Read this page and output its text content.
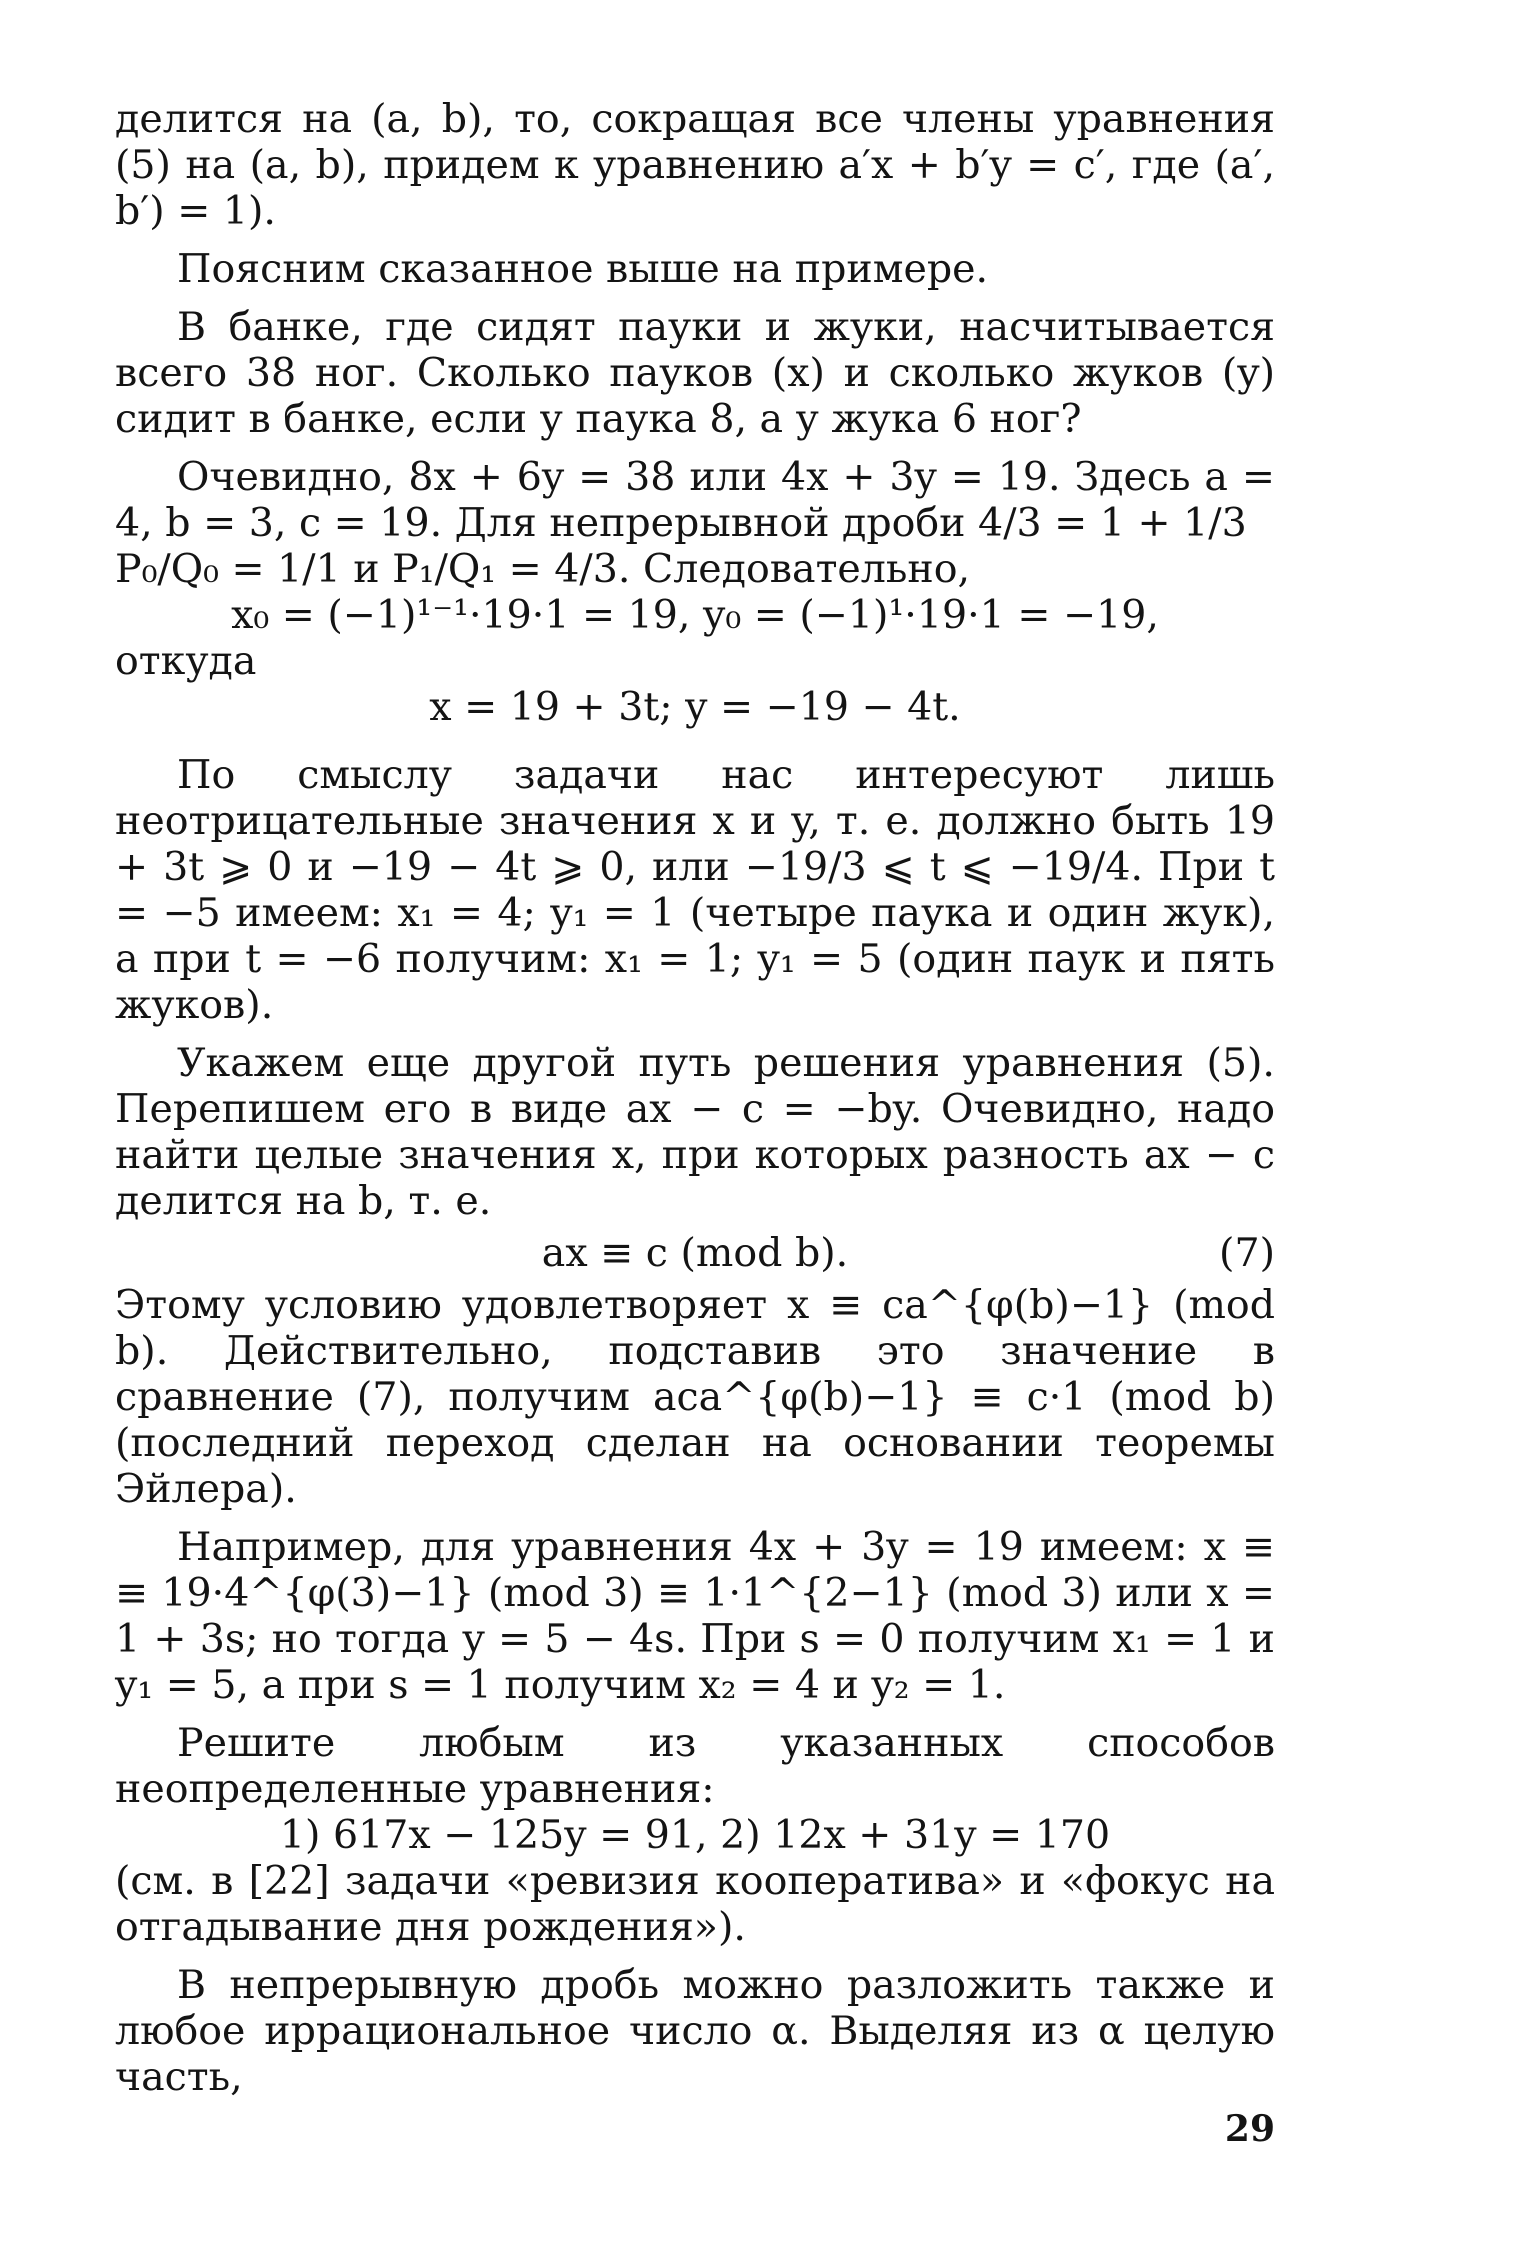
делится на (a, b), то, сокращая все члены уравнения (5) на (a, b), придем к уравнению a′x + b′y = c′, где (a′, b′) = 1).

Поясним сказанное выше на примере.

В банке, где сидят пауки и жуки, насчитывается всего 38 ног. Сколько пауков (x) и сколько жуков (y) сидит в банке, если у паука 8, а у жука 6 ног?

Очевидно, 8x + 6y = 38 или 4x + 3y = 19. Здесь a = 4, b = 3, c = 19. Для непрерывной дроби 4/3 = 1 + 1/3

P₀/Q₀ = 1/1 и P₁/Q₁ = 4/3. Следовательно,

x₀ = (−1)¹⁻¹·19·1 = 19, y₀ = (−1)¹·19·1 = −19,

откуда

x = 19 + 3t; y = −19 − 4t.

По смыслу задачи нас интересуют лишь неотрицательные значения x и y, т. е. должно быть 19 + 3t ⩾ 0 и −19 − 4t ⩾ 0, или −19/3 ⩽ t ⩽ −19/4. При t = −5 имеем: x₁ = 4; y₁ = 1 (четыре паука и один жук), а при t = −6 получим: x₁ = 1; y₁ = 5 (один паук и пять жуков).

Укажем еще другой путь решения уравнения (5). Перепишем его в виде ax − c = −by. Очевидно, надо найти целые значения x, при которых разность ax − c делится на b, т. е.

ax ≡ c (mod b).	(7)

Этому условию удовлетворяет x ≡ ca^{φ(b)−1} (mod b). Действительно, подставив это значение в сравнение (7), получим aca^{φ(b)−1} ≡ c·1 (mod b) (последний переход сделан на основании теоремы Эйлера).

Например, для уравнения 4x + 3y = 19 имеем: x ≡ ≡ 19·4^{φ(3)−1} (mod 3) ≡ 1·1^{2−1} (mod 3) или x = 1 + 3s; но тогда y = 5 − 4s. При s = 0 получим x₁ = 1 и y₁ = 5, а при s = 1 получим x₂ = 4 и y₂ = 1.

Решите любым из указанных способов неопределенные уравнения:

1) 617x − 125y = 91, 2) 12x + 31y = 170

(см. в [22] задачи «ревизия кооператива» и «фокус на отгадывание дня рождения»).

В непрерывную дробь можно разложить также и любое иррациональное число α. Выделяя из α целую часть,

29
